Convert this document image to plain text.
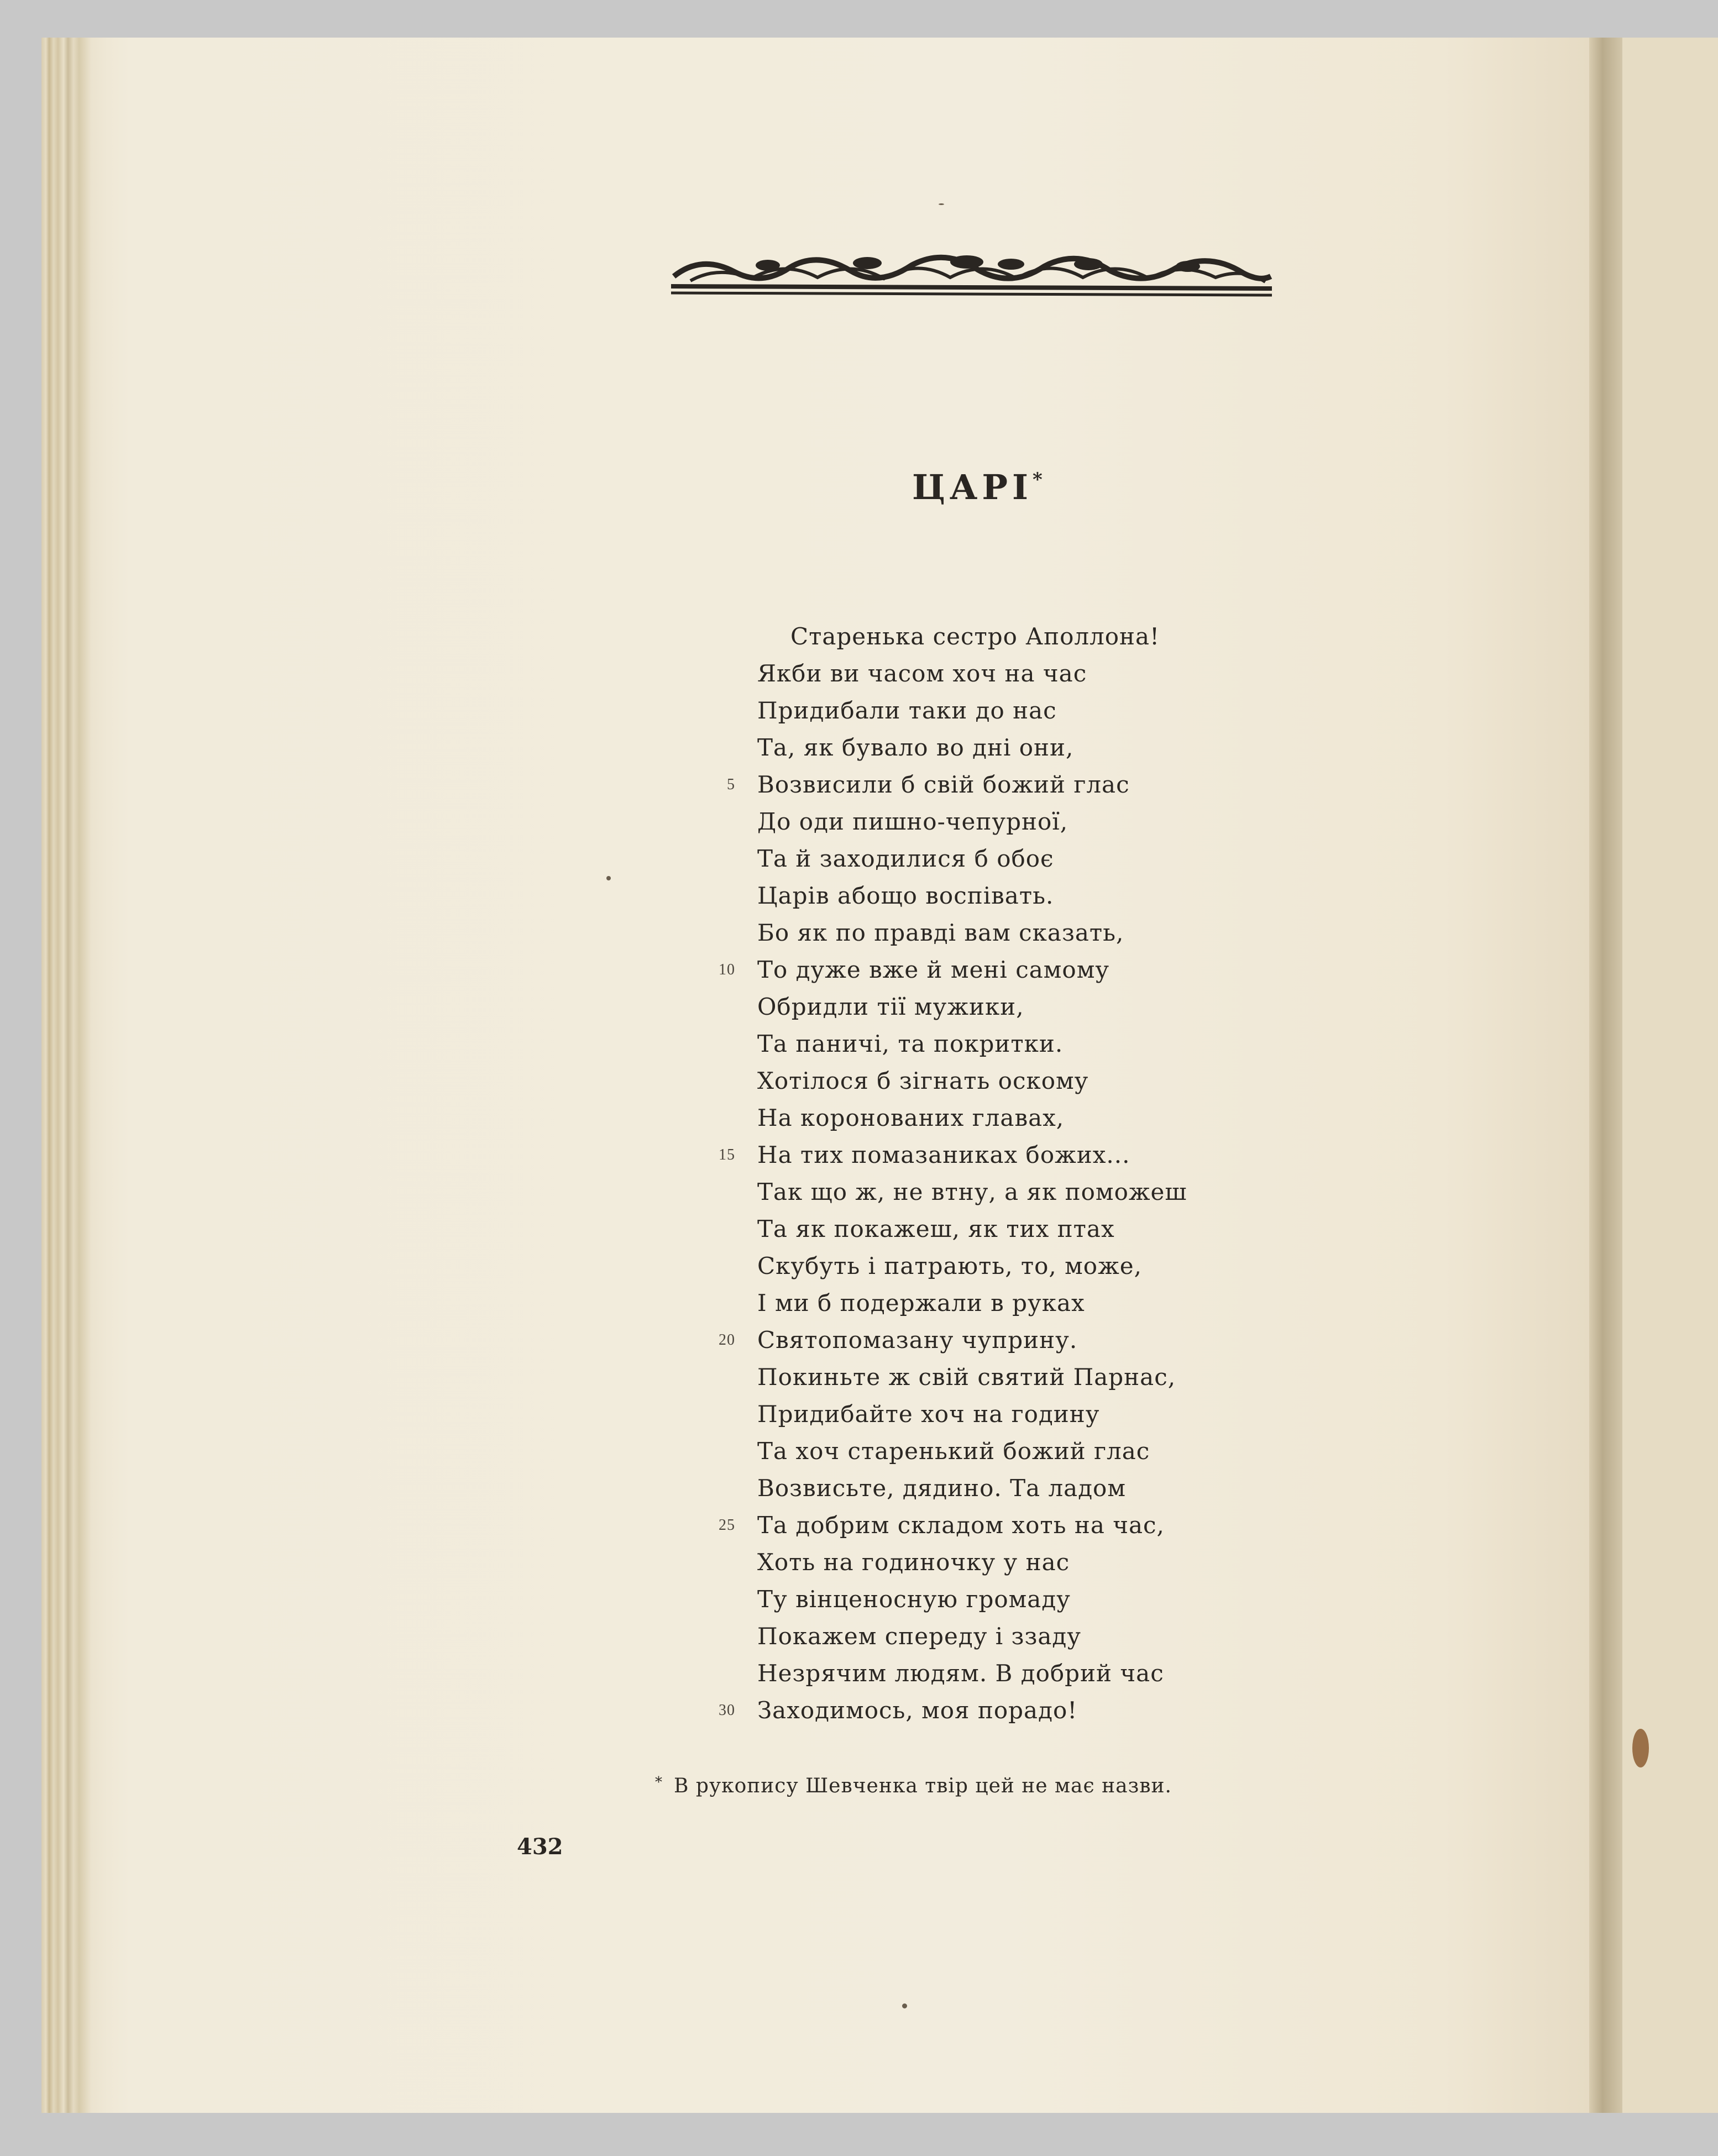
ЦАРІ*
Старенька сестро Аполлона!
Якби ви часом хоч на час
Придибали таки до нас
Та, як бувало во дні они,
5 Возвисили б свій божий глас
До оди пишно-чепурної,
Та й заходилися б обоє
Царів абощо воспівать.
Бо як по правді вам сказать,
10 То дуже вже й мені самому
Обридли тії мужики,
Та паничі, та покритки.
Хотілося б зігнать оскому
На коронованих главах,
15 На тих помазаниках божих...
Так що ж, не втну, а як поможеш
Та як покажеш, як тих птах
Скубуть і патрають, то, може,
І ми б подержали в руках
20 Святопомазану чуприну.
Покиньте ж свій святий Парнас,
Придибайте хоч на годину
Та хоч старенький божий глас
Возвисьте, дядино. Та ладом
25 Та добрим складом хоть на час,
Хоть на годиночку у нас
Ту вінценосную громаду
Покажем спереду і ззаду
Незрячим людям. В добрий час
30 Заходимось, моя порадо!
* В рукопису Шевченка твір цей не має назви.
432
